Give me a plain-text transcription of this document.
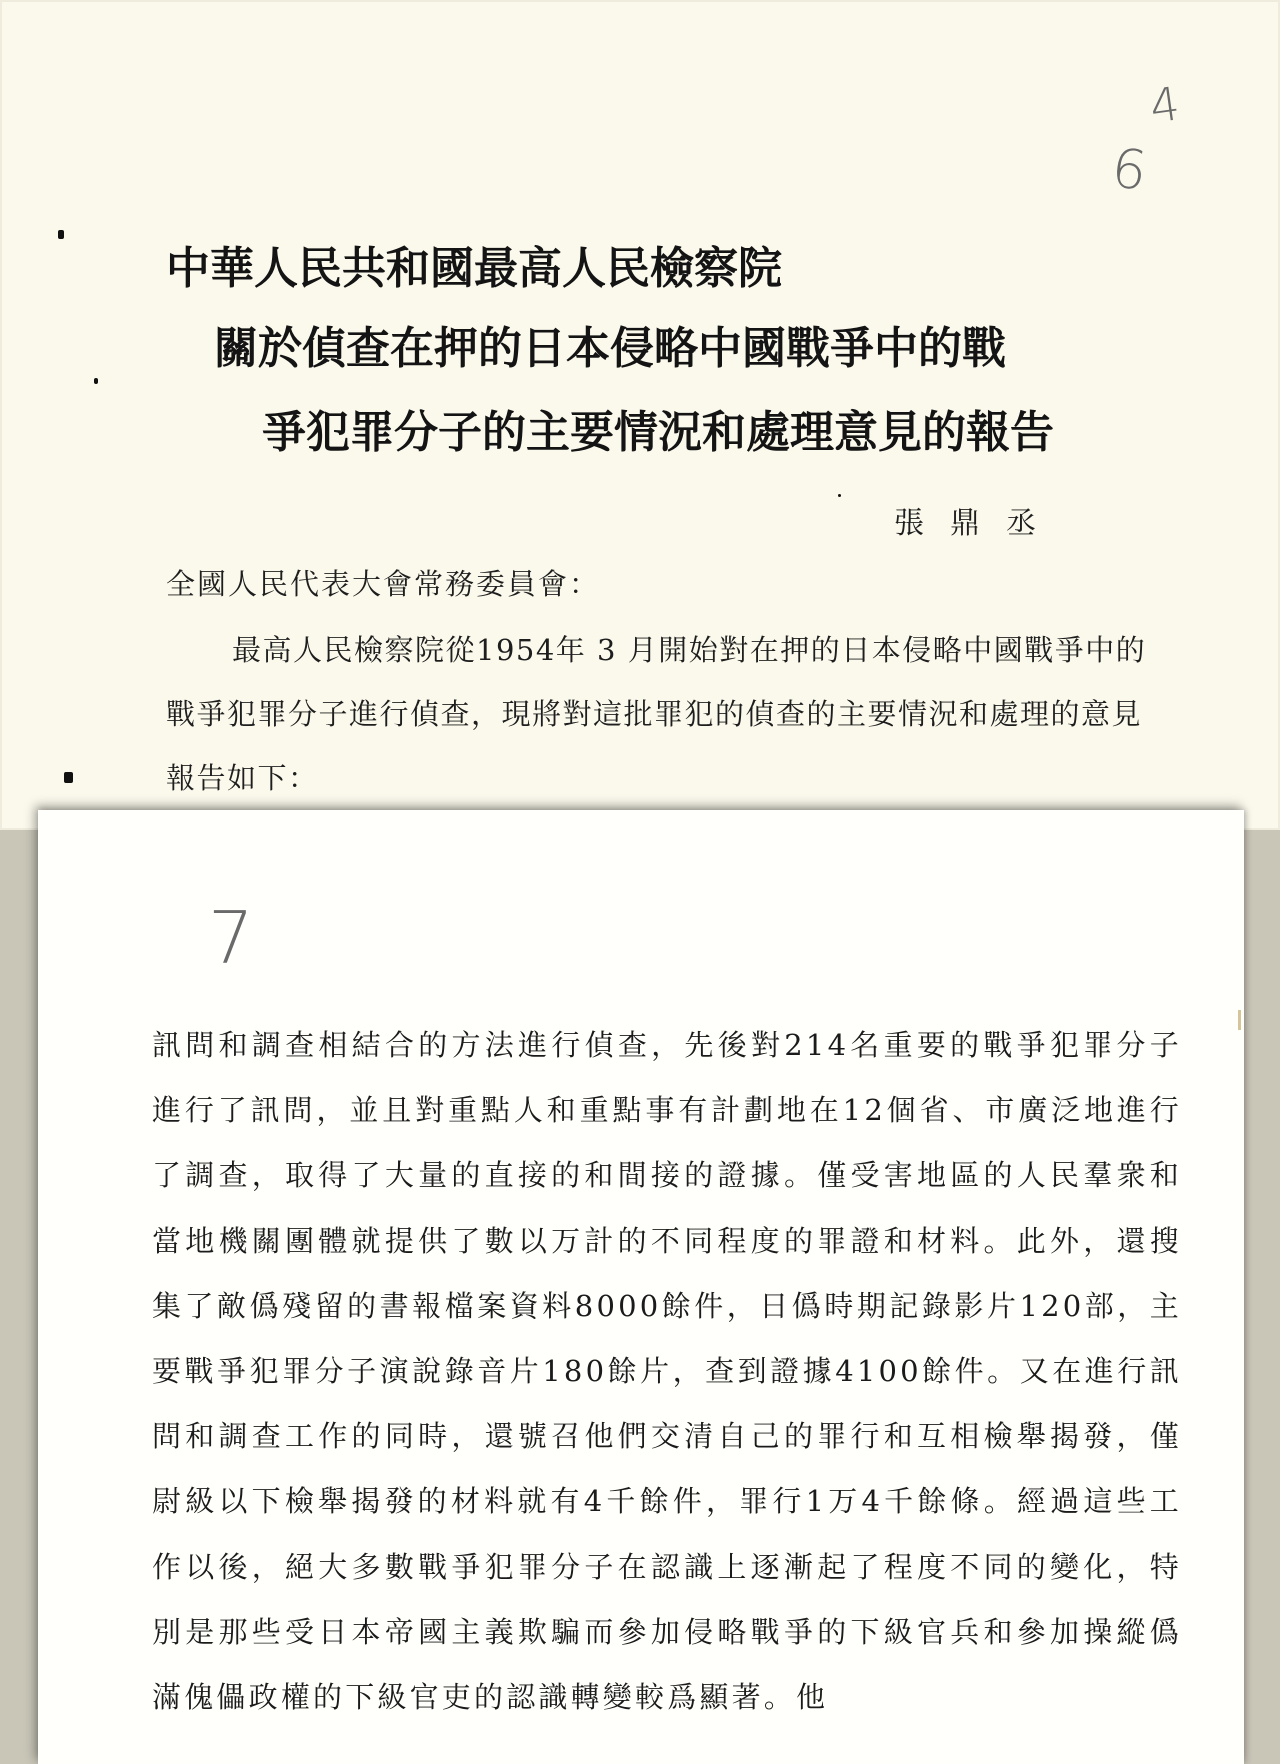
4
6
中華人民共和國最高人民檢察院
關於偵查在押的日本侵略中國戰爭中的戰
爭犯罪分子的主要情況和處理意見的報告

張鼎丞

全國人民代表大會常務委員會：

最高人民檢察院從1954年 3 月開始對在押的日本侵略中國戰爭中的戰爭犯罪分子進行偵查，現將對這批罪犯的偵查的主要情況和處理的意見報告如下：

7

訊問和調查相結合的方法進行偵查，先後對214名重要的戰爭犯罪分子進行了訊問，並且對重點人和重點事有計劃地在12個省、市廣泛地進行了調查，取得了大量的直接的和間接的證據。僅受害地區的人民羣衆和當地機關團體就提供了數以万計的不同程度的罪證和材料。此外，還搜集了敵僞殘留的書報檔案資料8000餘件，日僞時期記錄影片120部，主要戰爭犯罪分子演說錄音片180餘片，查到證據4100餘件。又在進行訊問和調查工作的同時，還號召他們交清自己的罪行和互相檢舉揭發，僅尉級以下檢舉揭發的材料就有4千餘件，罪行1万4千餘條。經過這些工作以後，絕大多數戰爭犯罪分子在認識上逐漸起了程度不同的變化，特別是那些受日本帝國主義欺騙而參加侵略戰爭的下級官兵和參加操縱僞滿傀儡政權的下級官吏的認識轉變較爲顯著。他
